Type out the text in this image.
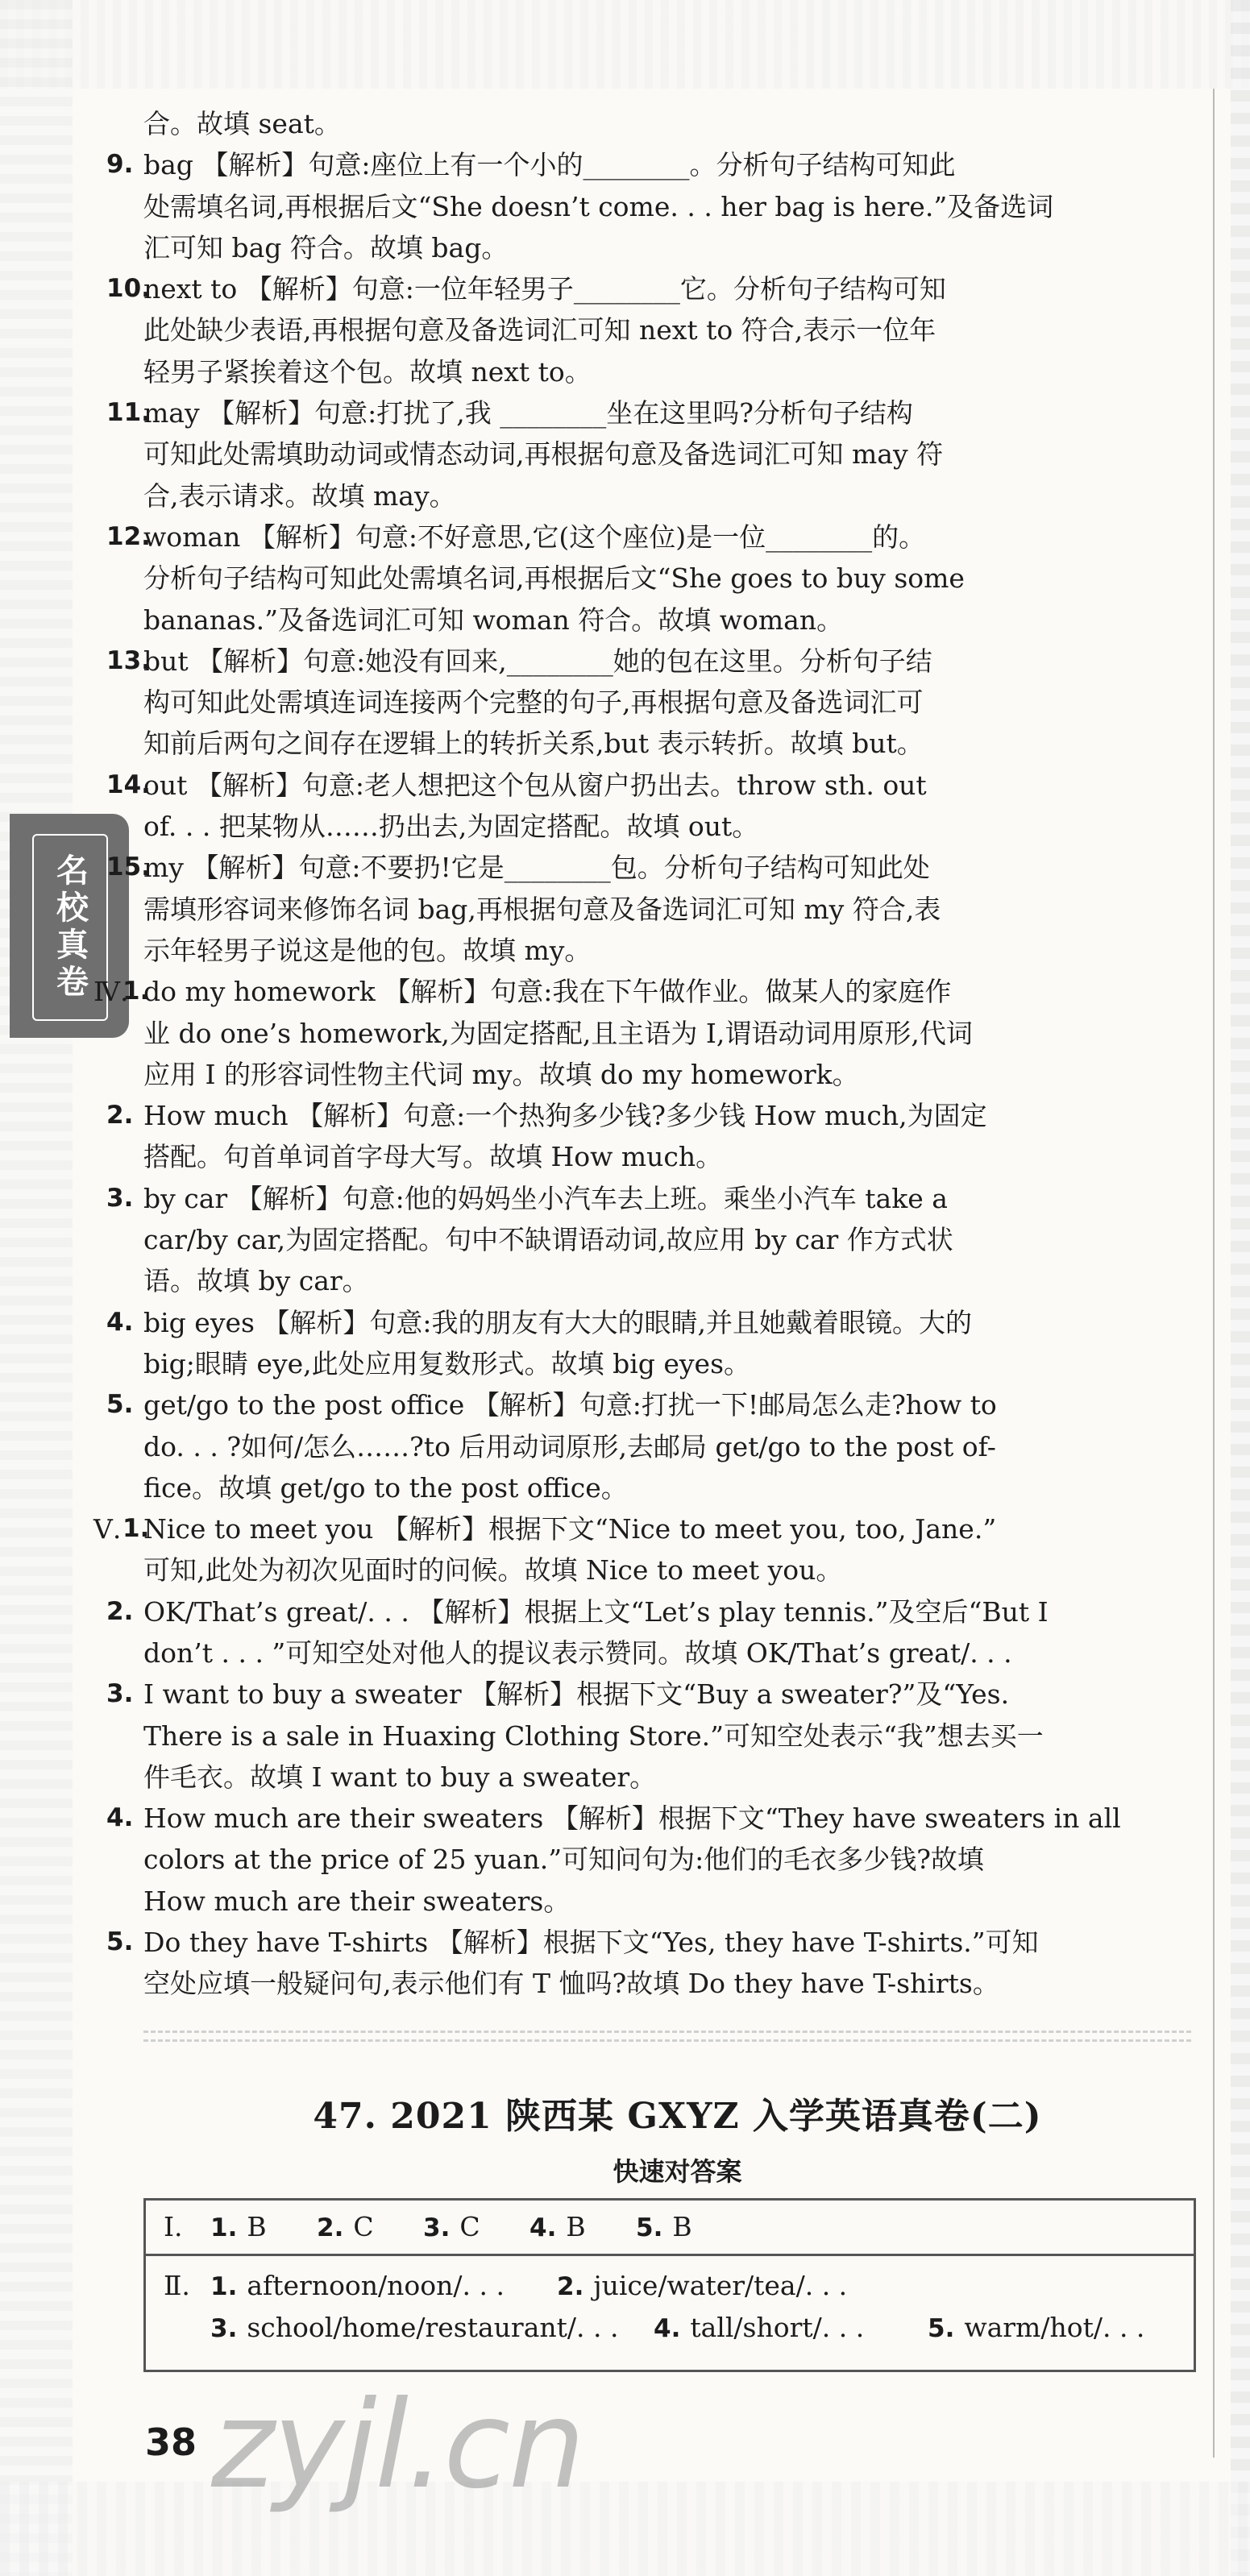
名校真卷
合。故填 seat。
9. bag 【解析】句意:座位上有一个小的________。分析句子结构可知此
处需填名词,再根据后文“She doesn’t come. . . her bag is here.”及备选词
汇可知 bag 符合。故填 bag。
10.
next to 【解析】句意:一位年轻男子________它。分析句子结构可知
此处缺少表语,再根据句意及备选词汇可知 next to 符合,表示一位年
轻男子紧挨着这个包。故填 next to。
11.
may 【解析】句意:打扰了,我 ________坐在这里吗?分析句子结构
可知此处需填助动词或情态动词,再根据句意及备选词汇可知 may 符
合,表示请求。故填 may。
12.
woman 【解析】句意:不好意思,它(这个座位)是一位________的。
分析句子结构可知此处需填名词,再根据后文“She goes to buy some
bananas.”及备选词汇可知 woman 符合。故填 woman。
13.
but 【解析】句意:她没有回来,________她的包在这里。分析句子结
构可知此处需填连词连接两个完整的句子,再根据句意及备选词汇可
知前后两句之间存在逻辑上的转折关系,but 表示转折。故填 but。
14.
out 【解析】句意:老人想把这个包从窗户扔出去。throw sth. out
of. . . 把某物从……扔出去,为固定搭配。故填 out。
15.
my 【解析】句意:不要扔!它是________包。分析句子结构可知此处
需填形容词来修饰名词 bag,再根据句意及备选词汇可知 my 符合,表
示年轻男子说这是他的包。故填 my。
Ⅳ.
1.
do my homework 【解析】句意:我在下午做作业。做某人的家庭作
业 do one’s homework,为固定搭配,且主语为 I,谓语动词用原形,代词
应用 I 的形容词性物主代词 my。故填 do my homework。
2. How much 【解析】句意:一个热狗多少钱?多少钱 How much,为固定
搭配。句首单词首字母大写。故填 How much。
3. by car 【解析】句意:他的妈妈坐小汽车去上班。乘坐小汽车 take a
car/by car,为固定搭配。句中不缺谓语动词,故应用 by car 作方式状
语。故填 by car。
4. big eyes 【解析】句意:我的朋友有大大的眼睛,并且她戴着眼镜。大的
big;眼睛 eye,此处应用复数形式。故填 big eyes。
5. get/go to the post office 【解析】句意:打扰一下!邮局怎么走?how to
do. . . ?如何/怎么……?to 后用动词原形,去邮局 get/go to the post of-
fice。故填 get/go to the post office。
Ⅴ. 1.
Nice to meet you 【解析】根据下文“Nice to meet you, too, Jane.”
可知,此处为初次见面时的问候。故填 Nice to meet you。
2. OK/That’s great/. . . 【解析】根据上文“Let’s play tennis.”及空后“But I
don’t . . . ”可知空处对他人的提议表示赞同。故填 OK/That’s great/. . .
3. I want to buy a sweater 【解析】根据下文“Buy a sweater?”及“Yes.
There is a sale in Huaxing Clothing Store.”可知空处表示“我”想去买一
件毛衣。故填 I want to buy a sweater。
4. How much are their sweaters 【解析】根据下文“They have sweaters in all
colors at the price of 25 yuan.”可知问句为:他们的毛衣多少钱?故填
How much are their sweaters。
5. Do they have T-shirts 【解析】根据下文“Yes, they have T-shirts.”可知
空处应填一般疑问句,表示他们有 T 恤吗?故填 Do they have T-shirts。
47. 2021 陕西某 GXYZ 入学英语真卷(二)
快速对答案
Ⅰ. 1. B 2. C 3. C 4. B 5. B
Ⅱ. 1. afternoon/noon/. . . 2. juice/water/tea/. . .
3. school/home/restaurant/. . . 4. tall/short/. . .	5. warm/hot/. . .
38 zyjl.cn
